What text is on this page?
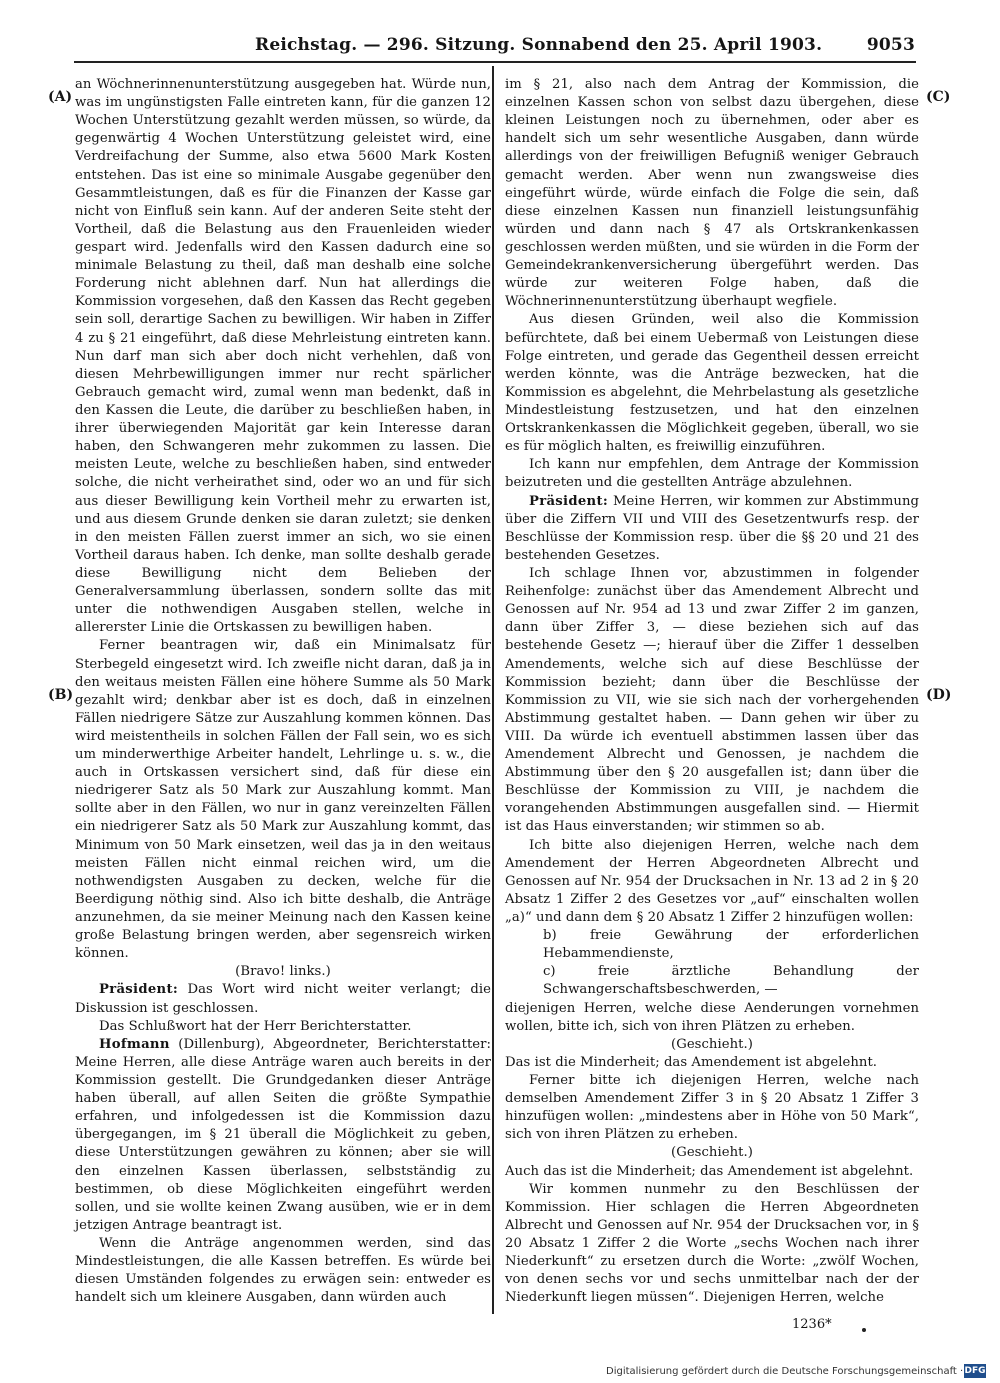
Reichstag. — 296. Sitzung. Sonnabend den 25. April 1903.	9053
(A)
(B)
(C)
(D)

an Wöchnerinnenunterstützung ausgegeben hat. Würde nun, was im ungünstigsten Falle eintreten kann, für die ganzen 12 Wochen Unterstützung gezahlt werden müssen, so würde, da gegenwärtig 4 Wochen Unterstützung geleistet wird, eine Verdreifachung der Summe, also etwa 5600 Mark Kosten entstehen. Das ist eine so minimale Ausgabe gegenüber den Gesammtleistungen, daß es für die Finanzen der Kasse gar nicht von Einfluß sein kann. Auf der anderen Seite steht der Vortheil, daß die Belastung aus den Frauenleiden wieder gespart wird. Jedenfalls wird den Kassen dadurch eine so minimale Belastung zu theil, daß man deshalb eine solche Forderung nicht ablehnen darf. Nun hat allerdings die Kommission vorgesehen, daß den Kassen das Recht gegeben sein soll, derartige Sachen zu bewilligen. Wir haben in Ziffer 4 zu § 21 eingeführt, daß diese Mehrleistung eintreten kann. Nun darf man sich aber doch nicht verhehlen, daß von diesen Mehrbewilligungen immer nur recht spärlicher Gebrauch gemacht wird, zumal wenn man bedenkt, daß in den Kassen die Leute, die darüber zu beschließen haben, in ihrer überwiegenden Majorität gar kein Interesse daran haben, den Schwangeren mehr zukommen zu lassen. Die meisten Leute, welche zu beschließen haben, sind entweder solche, die nicht verheirathet sind, oder wo an und für sich aus dieser Bewilligung kein Vortheil mehr zu erwarten ist, und aus diesem Grunde denken sie daran zuletzt; sie denken in den meisten Fällen zuerst immer an sich, wo sie einen Vortheil daraus haben. Ich denke, man sollte deshalb gerade diese Bewilligung nicht dem Belieben der Generalversammlung überlassen, sondern sollte das mit unter die nothwendigen Ausgaben stellen, welche in allererster Linie die Ortskassen zu bewilligen haben.

Ferner beantragen wir, daß ein Minimalsatz für Sterbegeld eingesetzt wird. Ich zweifle nicht daran, daß ja in den weitaus meisten Fällen eine höhere Summe als 50 Mark gezahlt wird; denkbar aber ist es doch, daß in einzelnen Fällen niedrigere Sätze zur Auszahlung kommen können. Das wird meistentheils in solchen Fällen der Fall sein, wo es sich um minderwerthige Arbeiter handelt, Lehrlinge u. s. w., die auch in Ortskassen versichert sind, daß für diese ein niedrigerer Satz als 50 Mark zur Auszahlung kommt. Man sollte aber in den Fällen, wo nur in ganz vereinzelten Fällen ein niedrigerer Satz als 50 Mark zur Auszahlung kommt, das Minimum von 50 Mark einsetzen, weil das ja in den weitaus meisten Fällen nicht einmal reichen wird, um die nothwendigsten Ausgaben zu decken, welche für die Beerdigung nöthig sind. Also ich bitte deshalb, die Anträge anzunehmen, da sie meiner Meinung nach den Kassen keine große Belastung bringen werden, aber segensreich wirken können.

(Bravo! links.)

Präsident: Das Wort wird nicht weiter verlangt; die Diskussion ist geschlossen.

Das Schlußwort hat der Herr Berichterstatter.

Hofmann (Dillenburg), Abgeordneter, Berichterstatter: Meine Herren, alle diese Anträge waren auch bereits in der Kommission gestellt. Die Grundgedanken dieser Anträge haben überall, auf allen Seiten die größte Sympathie erfahren, und infolgedessen ist die Kommission dazu übergegangen, im § 21 überall die Möglichkeit zu geben, diese Unterstützungen gewähren zu können; aber sie will den einzelnen Kassen überlassen, selbstständig zu bestimmen, ob diese Möglichkeiten eingeführt werden sollen, und sie wollte keinen Zwang ausüben, wie er in dem jetzigen Antrage beantragt ist.

Wenn die Anträge angenommen werden, sind das Mindestleistungen, die alle Kassen betreffen. Es würde bei diesen Umständen folgendes zu erwägen sein: entweder es handelt sich um kleinere Ausgaben, dann würden auch

im § 21, also nach dem Antrag der Kommission, die einzelnen Kassen schon von selbst dazu übergehen, diese kleinen Leistungen noch zu übernehmen, oder aber es handelt sich um sehr wesentliche Ausgaben, dann würde allerdings von der freiwilligen Befugniß weniger Gebrauch gemacht werden. Aber wenn nun zwangsweise dies eingeführt würde, würde einfach die Folge die sein, daß diese einzelnen Kassen nun finanziell leistungsunfähig würden und dann nach § 47 als Ortskrankenkassen geschlossen werden müßten, und sie würden in die Form der Gemeindekrankenversicherung übergeführt werden. Das würde zur weiteren Folge haben, daß die Wöchnerinnenunterstützung überhaupt wegfiele.

Aus diesen Gründen, weil also die Kommission befürchtete, daß bei einem Uebermaß von Leistungen diese Folge eintreten, und gerade das Gegentheil dessen erreicht werden könnte, was die Anträge bezwecken, hat die Kommission es abgelehnt, die Mehrbelastung als gesetzliche Mindestleistung festzusetzen, und hat den einzelnen Ortskrankenkassen die Möglichkeit gegeben, überall, wo sie es für möglich halten, es freiwillig einzuführen.

Ich kann nur empfehlen, dem Antrage der Kommission beizutreten und die gestellten Anträge abzulehnen.

Präsident: Meine Herren, wir kommen zur Abstimmung über die Ziffern VII und VIII des Gesetzentwurfs resp. der Beschlüsse der Kommission resp. über die §§ 20 und 21 des bestehenden Gesetzes.

Ich schlage Ihnen vor, abzustimmen in folgender Reihenfolge: zunächst über das Amendement Albrecht und Genossen auf Nr. 954 ad 13 und zwar Ziffer 2 im ganzen, dann über Ziffer 3, — diese beziehen sich auf das bestehende Gesetz —; hierauf über die Ziffer 1 desselben Amendements, welche sich auf diese Beschlüsse der Kommission bezieht; dann über die Beschlüsse der Kommission zu VII, wie sie sich nach der vorhergehenden Abstimmung gestaltet haben. — Dann gehen wir über zu VIII. Da würde ich eventuell abstimmen lassen über das Amendement Albrecht und Genossen, je nachdem die Abstimmung über den § 20 ausgefallen ist; dann über die Beschlüsse der Kommission zu VIII, je nachdem die vorangehenden Abstimmungen ausgefallen sind. — Hiermit ist das Haus einverstanden; wir stimmen so ab.

Ich bitte also diejenigen Herren, welche nach dem Amendement der Herren Abgeordneten Albrecht und Genossen auf Nr. 954 der Drucksachen in Nr. 13 ad 2 in § 20 Absatz 1 Ziffer 2 des Gesetzes vor „auf“ einschalten wollen „a)“ und dann dem § 20 Absatz 1 Ziffer 2 hinzufügen wollen:

b) freie Gewährung der erforderlichen Hebammendienste,

c) freie ärztliche Behandlung der Schwangerschaftsbeschwerden, —

diejenigen Herren, welche diese Aenderungen vornehmen wollen, bitte ich, sich von ihren Plätzen zu erheben.

(Geschieht.)

Das ist die Minderheit; das Amendement ist abgelehnt.

Ferner bitte ich diejenigen Herren, welche nach demselben Amendement Ziffer 3 in § 20 Absatz 1 Ziffer 3 hinzufügen wollen: „mindestens aber in Höhe von 50 Mark“, sich von ihren Plätzen zu erheben.

(Geschieht.)

Auch das ist die Minderheit; das Amendement ist abgelehnt.

Wir kommen nunmehr zu den Beschlüssen der Kommission. Hier schlagen die Herren Abgeordneten Albrecht und Genossen auf Nr. 954 der Drucksachen vor, in § 20 Absatz 1 Ziffer 2 die Worte „sechs Wochen nach ihrer Niederkunft“ zu ersetzen durch die Worte: „zwölf Wochen, von denen sechs vor und sechs unmittelbar nach der der Niederkunft liegen müssen“. Diejenigen Herren, welche

1236*
Digitalisierung gefördert durch die Deutsche Forschungsgemeinschaft · DFG
